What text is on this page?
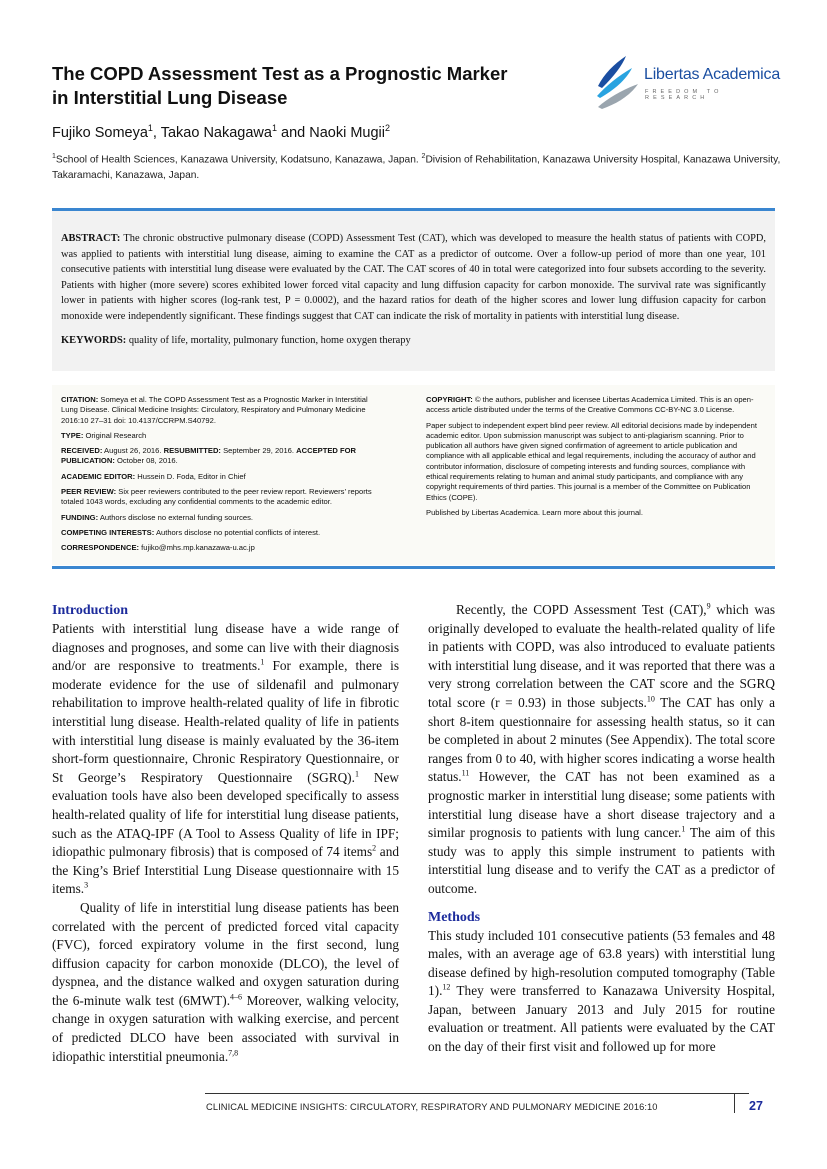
The COPD Assessment Test as a Prognostic Marker
in Interstitial Lung Disease
Fujiko Someya$^1$, Takao Nakagawa$^1$ and Naoki Mugii$^2$
$^1$School of Health Sciences, Kanazawa University, Kodatsuno, Kanazawa, Japan. $^2$Division of Rehabilitation, Kanazawa University Hospital, Kanazawa University, Takaramachi, Kanazawa, Japan.
Libertas Academica
FREEDOM TO RESEARCH

ABSTRACT: The chronic obstructive pulmonary disease (COPD) Assessment Test (CAT), which was developed to measure the health status of patients with COPD, was applied to patients with interstitial lung disease, aiming to examine the CAT as a predictor of outcome. Over a follow-up period of more than one year, 101 consecutive patients with interstitial lung disease were evaluated by the CAT. The CAT scores of 40 in total were categorized into four subsets according to the severity. Patients with higher (more severe) scores exhibited lower forced vital capacity and lung diffusion capacity for carbon monoxide. The survival rate was significantly lower in patients with higher scores (log-rank test, P = 0.0002), and the hazard ratios for death of the higher scores and lower lung diffusion capacity for carbon monoxide were independently significant. These findings suggest that CAT can indicate the risk of mortality in patients with interstitial lung disease.

KEYWORDS: quality of life, mortality, pulmonary function, home oxygen therapy

CITATION: Someya et al. The COPD Assessment Test as a Prognostic Marker in Interstitial Lung Disease. Clinical Medicine Insights: Circulatory, Respiratory and Pulmonary Medicine 2016:10 27–31 doi: 10.4137/CCRPM.S40792.

TYPE: Original Research

RECEIVED: August 26, 2016. RESUBMITTED: September 29, 2016. ACCEPTED FOR PUBLICATION: October 08, 2016.

ACADEMIC EDITOR: Hussein D. Foda, Editor in Chief

PEER REVIEW: Six peer reviewers contributed to the peer review report. Reviewers’ reports totaled 1043 words, excluding any confidential comments to the academic editor.

FUNDING: Authors disclose no external funding sources.

COMPETING INTERESTS: Authors disclose no potential conflicts of interest.

CORRESPONDENCE: fujiko@mhs.mp.kanazawa-u.ac.jp

COPYRIGHT: © the authors, publisher and licensee Libertas Academica Limited. This is an open-access article distributed under the terms of the Creative Commons CC-BY-NC 3.0 License.

Paper subject to independent expert blind peer review. All editorial decisions made by independent academic editor. Upon submission manuscript was subject to anti-plagiarism scanning. Prior to publication all authors have given signed confirmation of agreement to article publication and compliance with all applicable ethical and legal requirements, including the accuracy of author and contributor information, disclosure of competing interests and funding sources, compliance with ethical requirements relating to human and animal study participants, and compliance with any copyright requirements of third parties. This journal is a member of the Committee on Publication Ethics (COPE).

Published by Libertas Academica. Learn more about this journal.

Introduction

Patients with interstitial lung disease have a wide range of diagnoses and prognoses, and some can live with their diagnosis and/or are responsive to treatments.$^1$ For example, there is moderate evidence for the use of sildenafil and pulmonary rehabilitation to improve health-related quality of life in fibrotic interstitial lung disease. Health-related quality of life in patients with interstitial lung disease is mainly evaluated by the 36-item short-form questionnaire, Chronic Respiratory Questionnaire, or St George’s Respiratory Questionnaire (SGRQ).$^1$ New evaluation tools have also been developed specifically to assess health-related quality of life for interstitial lung disease patients, such as the ATAQ-IPF (A Tool to Assess Quality of life in IPF; idiopathic pulmonary fibrosis) that is composed of 74 items$^2$ and the King’s Brief Interstitial Lung Disease questionnaire with 15 items.$^3$

Quality of life in interstitial lung disease patients has been correlated with the percent of predicted forced vital capacity (FVC), forced expiratory volume in the first second, lung diffusion capacity for carbon monoxide (DLCO), the level of dyspnea, and the distance walked and oxygen saturation during the 6-minute walk test (6MWT).$^{4-6}$ Moreover, walking velocity, change in oxygen saturation with walking exercise, and percent of predicted DLCO have been associated with survival in idiopathic interstitial pneumonia.$^{7,8}$

Recently, the COPD Assessment Test (CAT),$^9$ which was originally developed to evaluate the health-related quality of life in patients with COPD, was also introduced to evaluate patients with interstitial lung disease, and it was reported that there was a very strong correlation between the CAT score and the SGRQ total score (r = 0.93) in those subjects.$^{10}$ The CAT has only a short 8-item questionnaire for assessing health status, so it can be completed in about 2 minutes (See Appendix). The total score ranges from 0 to 40, with higher scores indicating a worse health status.$^{11}$ However, the CAT has not been examined as a prognostic marker in interstitial lung disease; some patients with interstitial lung disease have a short disease trajectory and a similar prognosis to patients with lung cancer.$^1$ The aim of this study was to apply this simple instrument to patients with interstitial lung disease and to verify the CAT as a predictor of outcome.

Methods

This study included 101 consecutive patients (53 females and 48 males, with an average age of 63.8 years) with interstitial lung disease defined by high-resolution computed tomography (Table 1).$^{12}$ They were transferred to Kanazawa University Hospital, Japan, between January 2013 and July 2015 for routine evaluation or treatment. All patients were evaluated by the CAT on the day of their first visit and followed up for more

CLINICAL MEDICINE INSIGHTS: CIRCULATORY, RESPIRATORY AND PULMONARY MEDICINE 2016:10	27
